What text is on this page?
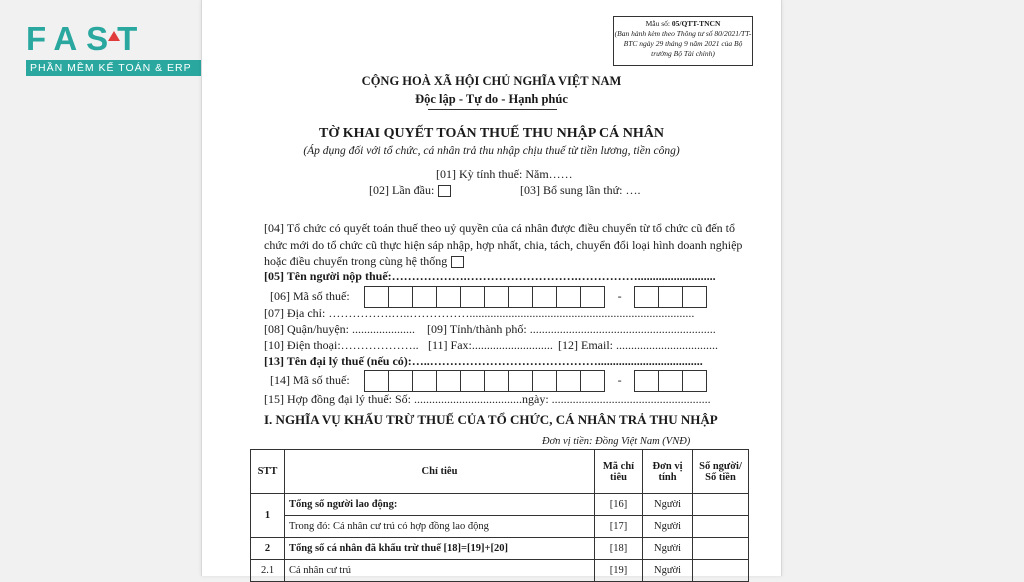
FAST
PHẦN MỀM KẾ TOÁN & ERP
Mẫu số: 05/QTT-TNCN
(Ban hành kèm theo Thông tư số 80/2021/TT-BTC ngày 29 tháng 9 năm 2021 của Bộ trưởng Bộ Tài chính)
CỘNG HOÀ XÃ HỘI CHỦ NGHĨA VIỆT NAM
Độc lập - Tự do - Hạnh phúc
TỜ KHAI QUYẾT TOÁN THUẾ THU NHẬP CÁ NHÂN
(Áp dụng đối với tổ chức, cá nhân trả thu nhập chịu thuế từ tiền lương, tiền công)
[01] Kỳ tính thuế: Năm……
[02] Lần đầu:	[03] Bổ sung lần thứ: ….
[04] Tổ chức có quyết toán thuế theo uỷ quyền của cá nhân được điều chuyển từ tổ chức cũ đến tổ chức mới do tổ chức cũ thực hiện sáp nhập, hợp nhất, chia, tách, chuyển đổi loại hình doanh nghiệp hoặc điều chuyển trong cùng hệ thống
[05] Tên người nộp thuế:……………….……………………….……………..........................
[06] Mã số thuế:	-
[07] Địa chỉ: …………….…..……………...........................................................................
[08] Quận/huyện: ..................... [09] Tỉnh/thành phố: ..............................................................
[10] Điện thoại:……………….. [11] Fax:........................... [12] Email: ..................................
[13] Tên đại lý thuế (nếu có):…..……………………………………...................................
[14] Mã số thuế:	-
[15] Hợp đồng đại lý thuế: Số: ....................................ngày: .....................................................
I. NGHĨA VỤ KHẤU TRỪ THUẾ CỦA TỔ CHỨC, CÁ NHÂN TRẢ THU NHẬP
Đơn vị tiền: Đồng Việt Nam (VNĐ)
STT	Chỉ tiêu	Mã chỉ tiêu	Đơn vị tính	Số người/ Số tiền
1	Tổng số người lao động:	[16]	Người	
	Trong đó: Cá nhân cư trú có hợp đồng lao động	[17]	Người	
2	Tổng số cá nhân đã khấu trừ thuế [18]=[19]+[20]	[18]	Người	
2.1	Cá nhân cư trú	[19]	Người	
